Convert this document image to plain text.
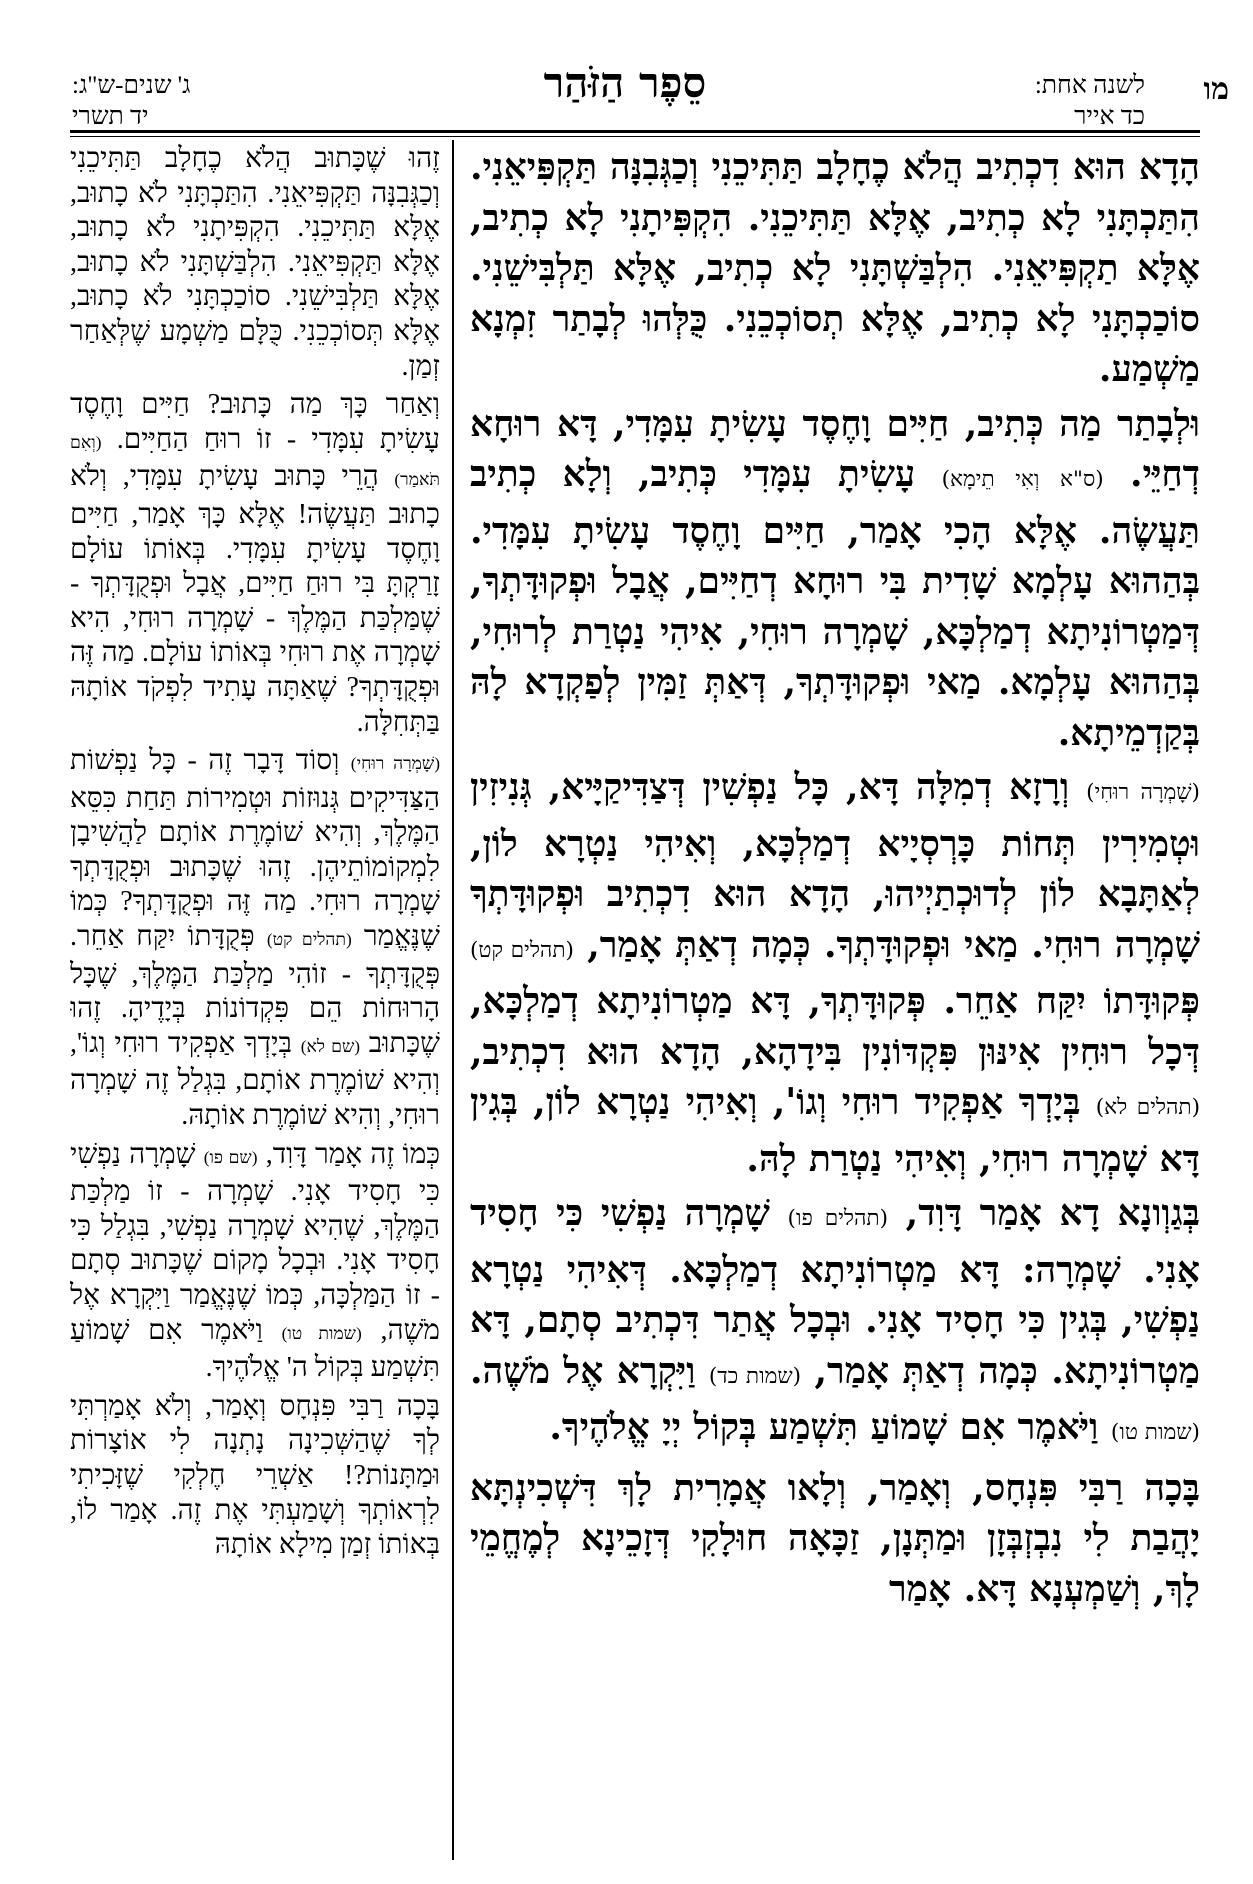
ג' שנים-ש"ג:
יד תשרי
סֵפֶר הַזֹּהַר	לשנה אחת:
כד אייר
מו

הָדָא הוּא דִכְתִיב הֲלֹא כֶחָלָב תַּתִּיכֵנִי וְכַגְּבִנָּה תַּקְפִּיאֵנִי. הִתַּכְתָּנִי לָא כְתִיב, אֶלָּא תַּתִּיכֵנִי. הִקְפִּיתָנִי לָא כְתִיב, אֶלָּא תַקְפִּיאֵנִי. הִלְבַּשְׁתָּנִי לָא כְתִיב, אֶלָּא תַּלְבִּישֵׁנִי. סוֹכַכְתָּנִי לָא כְתִיב, אֶלָּא תְסוֹכְכֵנִי. כֻּלְּהוּ לְבָתַר זִמְנָא מַשְׁמַע.

וּלְבָתַר מַה כְּתִיב, חַיִּים וָחֶסֶד עָשִׂיתָ עִמָּדִי, דָּא רוּחָא דְחַיֵּי. (ס"א וְאִי תֵימָא) עָשִׂיתָ עִמָּדִי כְּתִיב, וְלָא כְתִיב תַּעֲשֶׂה. אֶלָּא הָכִי אָמַר, חַיִּים וָחֶסֶד עָשִׂיתָ עִמָּדִי. בְּהַהוּא עָלְמָא שָׁדִית בִּי רוּחָא דְחַיִּים, אֲבָל וּפְקוּדָּתְךָ, דְּמַטְרוֹנִיתָא דְמַלְכָּא, שָׁמְרָה רוּחִי, אִיהִי נַטְרַת לְרוּחִי, בְּהַהוּא עָלְמָא. מַאי וּפְקוּדָּתְךָ, דְּאַתְּ זַמִּין לְפַקְדָא לָהּ בְּקַדְמֵיתָא.

(שָׁמְרָה רוּחִי) וְרָזָא דְמִלָּה דָּא, כָּל נַפְשִׁין דְּצַדִּיקַיָּיא, גְּנִיזִין וּטְמִירִין תְּחוֹת כָּרְסְיָיא דְמַלְכָּא, וְאִיהִי נַטְרָא לוֹן, לְאַתָּבָא לוֹן לְדוּכְתַיְיהוּ, הָדָא הוּא דִכְתִיב וּפְקוּדָּתְךָ שָׁמְרָה רוּחִי. מַאי וּפְקוּדָּתְךָ. כְּמָה דְאַתְּ אָמַר, (תהלים קט) פְּקוּדָּתוֹ יִקַּח אַחֵר. פְּקוּדָּתְךָ, דָּא מַטְרוֹנִיתָא דְמַלְכָּא, דְּכָל רוּחִין אִינּוּן פִּקְדּוֹנִין בִּידָהָא, הָדָא הוּא דִכְתִיב, (תהלים לא) בְּיָדְךָ אַפְקִיד רוּחִי וְגוֹ', וְאִיהִי נַטְרָא לוֹן, בְּגִין דָּא שָׁמְרָה רוּחִי, וְאִיהִי נַטְרַת לָהּ.

בְּגַוְונָא דָא אָמַר דָּוִד, (תהלים פו) שָׁמְרָה נַפְשִׁי כִּי חָסִיד אָנִי. שָׁמְרָה: דָּא מַטְרוֹנִיתָא דְמַלְכָּא. דְּאִיהִי נַטְרָא נַפְשִׁי, בְּגִין כִּי חָסִיד אָנִי. וּבְכָל אֲתַר דִּכְתִיב סְתָם, דָּא מַטְרוֹנִיתָא. כְּמָה דְאַתְּ אָמַר, (שמות כד) וַיִּקְרָא אֶל מֹשֶׁה. (שמות טו) וַיֹּאמֶר אִם שָׁמוֹעַ תִּשְׁמַע בְּקוֹל יְיָ אֱלֹהֶיךָ.

בָּכָה רַבִּי פִּנְחָס, וְאָמַר, וְלָאו אֲמָרִית לָךְ דִּשְׁכִינְתָּא יָהֲבַת לִי נִבְזְבְּזָן וּמַתְּנָן, זַכָּאָה חוּלָקִי דְּזָכֵינָא לְמֶחֱמֵי לָךְ, וְשַׁמְעְנָא דָּא. אָמַר

זֶהוּ שֶׁכָּתוּב הֲלֹא כֶחָלָב תַּתִּיכֵנִי וְכַגְּבִנָּה תַּקְפִּיאֵנִי. הִתַּכְתָּנִי לֹא כָתוּב, אֶלָּא תַּתִּיכֵנִי. הִקְפִּיתָנִי לֹא כָתוּב, אֶלָּא תַּקְפִּיאֵנִי. הִלְבַּשְׁתָּנִי לֹא כָתוּב, אֶלָּא תַּלְבִּישֵׁנִי. סוֹכַכְתָּנִי לֹא כָתוּב, אֶלָּא תְּסוֹכְכֵנִי. כֻּלָּם מַשְׁמָע שֶׁלְּאַחַר זְמַן.

וְאַחַר כָּךְ מַה כָּתוּב? חַיִּים וָחֶסֶד עָשִׂיתָ עִמָּדִי - זוֹ רוּחַ הַחַיִּים. (וְאִם תֹּאמַר) הֲרֵי כָּתוּב עָשִׂיתָ עִמָּדִי, וְלֹא כָתוּב תַּעֲשֶׂה! אֶלָּא כָּךְ אָמַר, חַיִּים וָחֶסֶד עָשִׂיתָ עִמָּדִי. בְּאוֹתוֹ עוֹלָם זָרַקְתָּ בִּי רוּחַ חַיִּים, אֲבָל וּפְקֻדָּתְךָ - שֶׁמַּלְכַּת הַמֶּלֶךְ - שָׁמְרָה רוּחִי, הִיא שָׁמְרָה אֶת רוּחִי בְּאוֹתוֹ עוֹלָם. מַה זֶּה וּפְקֻדָּתְךָ? שֶׁאַתָּה עָתִיד לִפְקֹד אוֹתָהּ בַּתְּחִלָּה.

(שָׁמְרָה רוּחִי) וְסוֹד דָּבָר זֶה - כָּל נַפְשׁוֹת הַצַּדִּיקִים גְּנוּזוֹת וּטְמִירוֹת תַּחַת כִּסֵּא הַמֶּלֶךְ, וְהִיא שׁוֹמֶרֶת אוֹתָם לַהֲשִׁיבָן לִמְקוֹמוֹתֵיהֶן. זֶהוּ שֶׁכָּתוּב וּפְקֻדָּתְךָ שָׁמְרָה רוּחִי. מַה זֶּה וּפְקֻדָּתְךָ? כְּמוֹ שֶׁנֶּאֱמַר (תהלים קט) פְּקֻדָּתוֹ יִקַּח אַחֵר. פְּקֻדָּתְךָ - זוֹהִי מַלְכַּת הַמֶּלֶךְ, שֶׁכָּל הָרוּחוֹת הֵם פִּקְדוֹנוֹת בְּיָדֶיהָ. זֶהוּ שֶׁכָּתוּב (שם לא) בְּיָדְךָ אַפְקִיד רוּחִי וְגוֹ', וְהִיא שׁוֹמֶרֶת אוֹתָם, בִּגְלַל זֶה שָׁמְרָה רוּחִי, וְהִיא שׁוֹמֶרֶת אוֹתָהּ.

כְּמוֹ זֶה אָמַר דָּוִד, (שם פו) שָׁמְרָה נַפְשִׁי כִּי חָסִיד אָנִי. שָׁמְרָה - זוֹ מַלְכַּת הַמֶּלֶךְ, שֶׁהִיא שָׁמְרָה נַפְשִׁי, בִּגְלַל כִּי חָסִיד אָנִי. וּבְכָל מָקוֹם שֶׁכָּתוּב סְתָם - זוֹ הַמַּלְכָּה, כְּמוֹ שֶׁנֶּאֱמַר וַיִּקְרָא אֶל מֹשֶׁה, (שמות טו) וַיֹּאמֶר אִם שָׁמוֹעַ תִּשְׁמַע בְּקוֹל ה' אֱלֹהֶיךָ.

בָּכָה רַבִּי פִּנְחָס וְאָמַר, וְלֹא אָמַרְתִּי לְךָ שֶׁהַשְּׁכִינָה נָתְנָה לִי אוֹצָרוֹת וּמַתָּנוֹת?! אַשְׁרֵי חֶלְקִי שֶׁזָּכִיתִי לִרְאוֹתְךָ וְשָׁמַעְתִּי אֶת זֶה. אָמַר לוֹ, בְּאוֹתוֹ זְמַן מִילָא אוֹתָהּ
